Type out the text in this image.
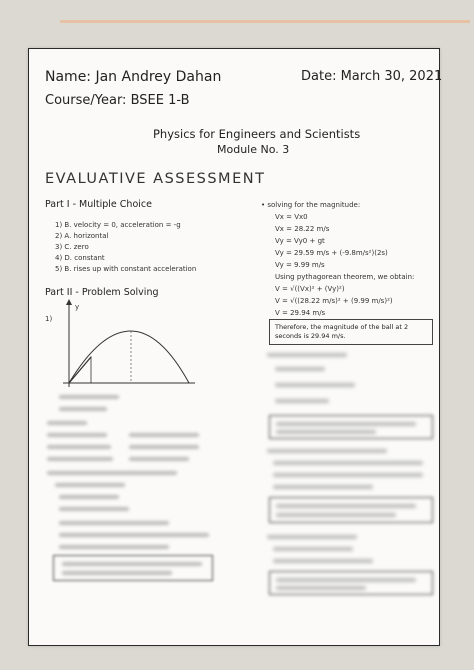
Name: Jan Andrey Dahan
Course/Year: BSEE 1-B
Date: March 30, 2021
Physics for Engineers and Scientists
Module No. 3
EVALUATIVE ASSESSMENT
Part I - Multiple Choice
1) B. velocity = 0, acceleration = -g
2) A. horizontal
3) C. zero
4) D. constant
5) B. rises up with constant acceleration
Part II - Problem Solving
1)
y
• solving for the magnitude:
Vx = Vx0
Vx = 28.22 m/s
Vy = Vy0 + gt
Vy = 29.59 m/s + (-9.8m/s²)(2s)
Vy = 9.99 m/s
Using pythagorean theorem, we obtain:
V = √((Vx)² + (Vy)²)
V = √((28.22 m/s)² + (9.99 m/s)²)
V = 29.94 m/s
Therefore, the magnitude of the ball at 2 seconds is 29.94 m/s.
